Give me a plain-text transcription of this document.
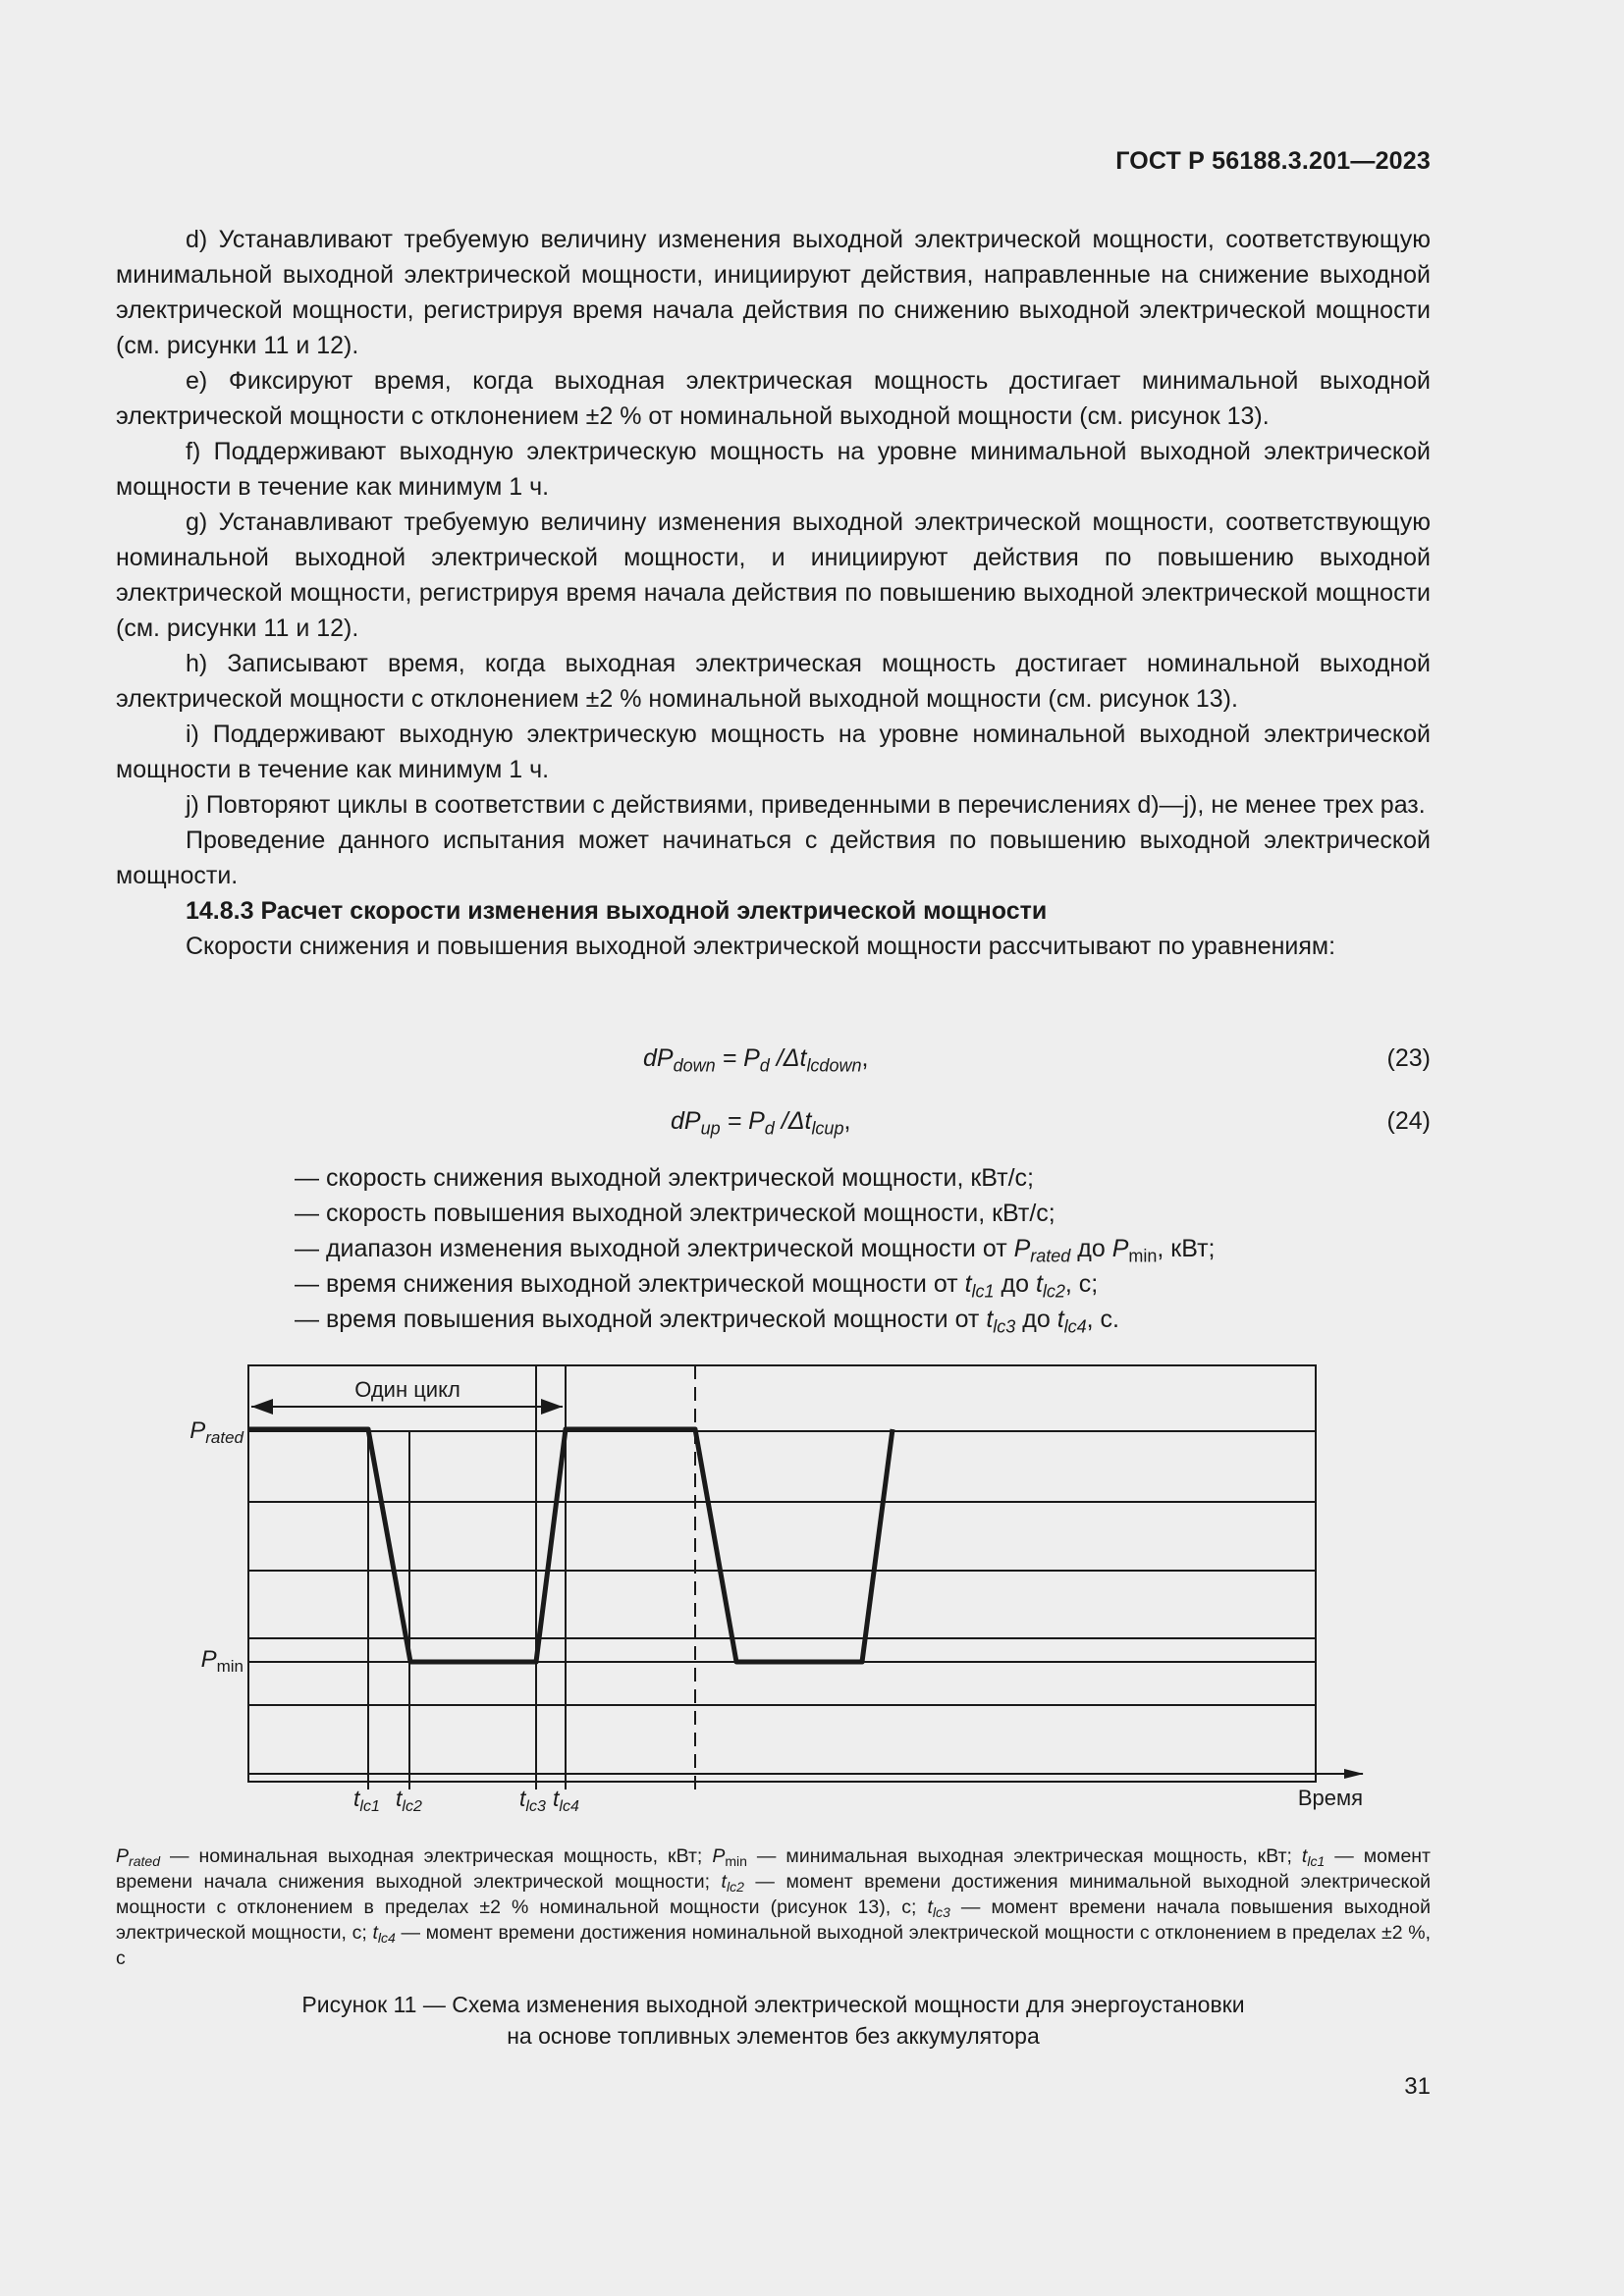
ГОСТ Р 56188.3.201—2023

d) Устанавливают требуемую величину изменения выходной электрической мощности, соответствующую минимальной выходной электрической мощности, инициируют действия, направленные на снижение выходной электрической мощности, регистрируя время начала действия по снижению выходной электрической мощности (см. рисунки 11 и 12).

e) Фиксируют время, когда выходная электрическая мощность достигает минимальной выходной электрической мощности с отклонением ±2 % от номинальной выходной мощности (см. рисунок 13).

f) Поддерживают выходную электрическую мощность на уровне минимальной выходной электрической мощности в течение как минимум 1 ч.

g) Устанавливают требуемую величину изменения выходной электрической мощности, соответствующую номинальной выходной электрической мощности, и инициируют действия по повышению выходной электрической мощности, регистрируя время начала действия по повышению выходной электрической мощности (см. рисунки 11 и 12).

h) Записывают время, когда выходная электрическая мощность достигает номинальной выходной электрической мощности с отклонением ±2 % номинальной выходной мощности (см. рисунок 13).

i) Поддерживают выходную электрическую мощность на уровне номинальной выходной электрической мощности в течение как минимум 1 ч.

j) Повторяют циклы в соответствии с действиями, приведенными в перечислениях d)—j), не менее трех раз.

Проведение данного испытания может начинаться с действия по повышению выходной электрической мощности.

14.8.3 Расчет скорости изменения выходной электрической мощности

Скорости снижения и повышения выходной электрической мощности рассчитывают по уравнениям:

$dP_{down} = P_d$ $/\Delta t_{lcdown}$,	(23)
$dP_{up} = P_d$ $/\Delta t_{lcup}$,	(24)
— скорость снижения выходной электрической мощности, кВт/с;
— скорость повышения выходной электрической мощности, кВт/с;
— диапазон изменения выходной электрической мощности от $P_{rated}$ до $P_{min}$, кВт;
— время снижения выходной электрической мощности от $t_{lc1}$ до $t_{lc2}$, с;
— время повышения выходной электрической мощности от $t_{lc3}$ до $t_{lc4}$, с.
Один цикл
$P_{rated}$
$P_{min}$
$t_{lc1}$ $t_{lc2}$	$t_{lc3}$ $t_{lc4}$	Время
$P_{rated}$ — номинальная выходная электрическая мощность, кВт; $P_{min}$ — минимальная выходная электрическая мощность, кВт; $t_{lc1}$ — момент времени начала снижения выходной электрической мощности; $t_{lc2}$ — момент времени достижения минимальной выходной электрической мощности с отклонением в пределах ±2 % номинальной мощности (рисунок 13), с; $t_{lc3}$ — момент времени начала повышения выходной электрической мощности, с; $t_{lc4}$ — момент времени достижения номинальной выходной электрической мощности с отклонением в пределах ±2 %, с
Рисунок 11 — Схема изменения выходной электрической мощности для энергоустановки
на основе топливных элементов без аккумулятора
31
